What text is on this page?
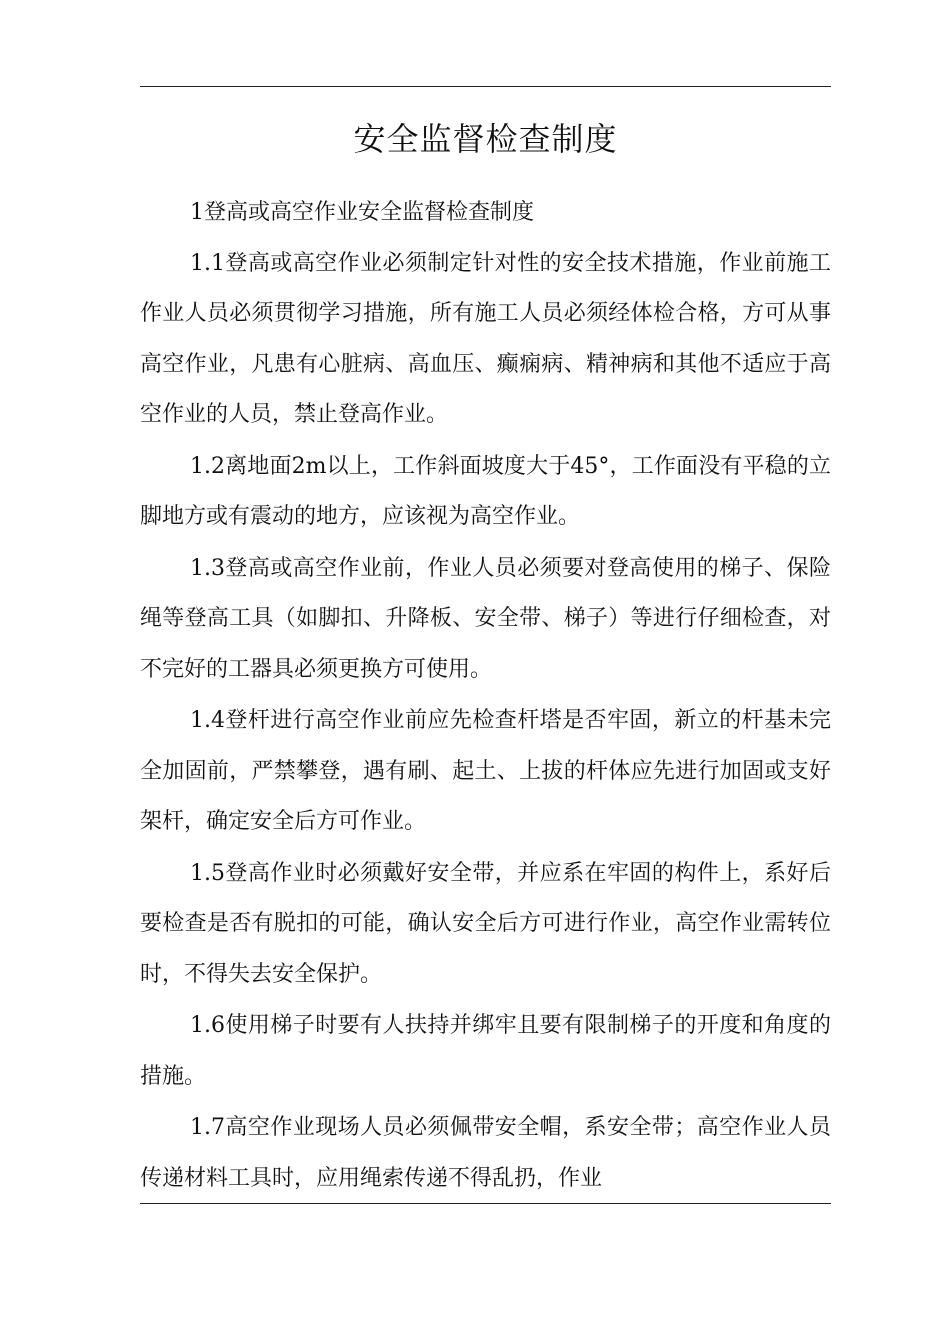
安全监督检查制度

1登高或高空作业安全监督检查制度

1.1登高或高空作业必须制定针对性的安全技术措施，作业前施工作业人员必须贯彻学习措施，所有施工人员必须经体检合格，方可从事高空作业，凡患有心脏病、高血压、癫痫病、精神病和其他不适应于高空作业的人员，禁止登高作业。

1.2离地面2m以上，工作斜面坡度大于45°，工作面没有平稳的立脚地方或有震动的地方，应该视为高空作业。

1.3登高或高空作业前，作业人员必须要对登高使用的梯子、保险绳等登高工具（如脚扣、升降板、安全带、梯子）等进行仔细检查，对不完好的工器具必须更换方可使用。

1.4登杆进行高空作业前应先检查杆塔是否牢固，新立的杆基未完全加固前，严禁攀登，遇有刷、起土、上拔的杆体应先进行加固或支好架杆，确定安全后方可作业。

1.5登高作业时必须戴好安全带，并应系在牢固的构件上，系好后要检查是否有脱扣的可能，确认安全后方可进行作业，高空作业需转位时，不得失去安全保护。

1.6使用梯子时要有人扶持并绑牢且要有限制梯子的开度和角度的措施。

1.7高空作业现场人员必须佩带安全帽，系安全带；高空作业人员传递材料工具时，应用绳索传递不得乱扔，作业
